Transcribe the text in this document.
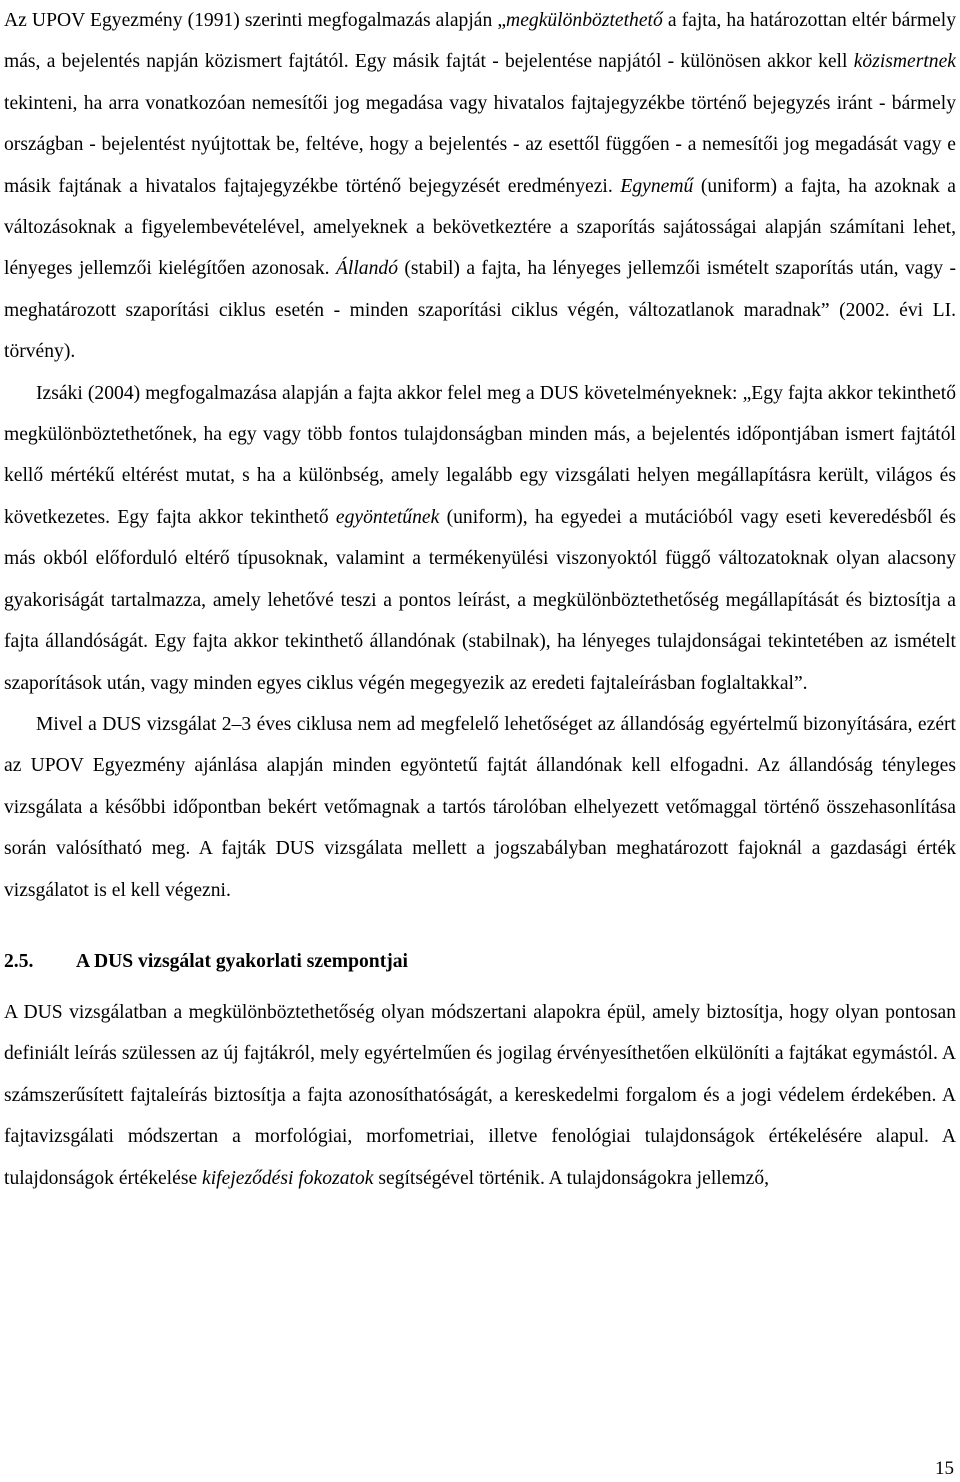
Az UPOV Egyezmény (1991) szerinti megfogalmazás alapján „megkülönböztethető a fajta, ha határozottan eltér bármely más, a bejelentés napján közismert fajtától. Egy másik fajtát - bejelentése napjától - különösen akkor kell közismertnek tekinteni, ha arra vonatkozóan nemesítői jog megadása vagy hivatalos fajtajegyzékbe történő bejegyzés iránt - bármely országban - bejelentést nyújtottak be, feltéve, hogy a bejelentés - az esettől függően - a nemesítői jog megadását vagy e másik fajtának a hivatalos fajtajegyzékbe történő bejegyzését eredményezi. Egynemű (uniform) a fajta, ha azoknak a változásoknak a figyelembevételével, amelyeknek a bekövetkeztére a szaporítás sajátosságai alapján számítani lehet, lényeges jellemzői kielégítően azonosak. Állandó (stabil) a fajta, ha lényeges jellemzői ismételt szaporítás után, vagy - meghatározott szaporítási ciklus esetén - minden szaporítási ciklus végén, változatlanok maradnak” (2002. évi LI. törvény).

Izsáki (2004) megfogalmazása alapján a fajta akkor felel meg a DUS követelményeknek: „Egy fajta akkor tekinthető megkülönböztethetőnek, ha egy vagy több fontos tulajdonságban minden más, a bejelentés időpontjában ismert fajtától kellő mértékű eltérést mutat, s ha a különbség, amely legalább egy vizsgálati helyen megállapításra került, világos és következetes. Egy fajta akkor tekinthető egyöntetűnek (uniform), ha egyedei a mutációból vagy eseti keveredésből és más okból előforduló eltérő típusoknak, valamint a termékenyülési viszonyoktól függő változatoknak olyan alacsony gyakoriságát tartalmazza, amely lehetővé teszi a pontos leírást, a megkülönböztethetőség megállapítását és biztosítja a fajta állandóságát. Egy fajta akkor tekinthető állandónak (stabilnak), ha lényeges tulajdonságai tekintetében az ismételt szaporítások után, vagy minden egyes ciklus végén megegyezik az eredeti fajtaleírásban foglaltakkal”.

Mivel a DUS vizsgálat 2–3 éves ciklusa nem ad megfelelő lehetőséget az állandóság egyértelmű bizonyítására, ezért az UPOV Egyezmény ajánlása alapján minden egyöntetű fajtát állandónak kell elfogadni. Az állandóság tényleges vizsgálata a későbbi időpontban bekért vetőmagnak a tartós tárolóban elhelyezett vetőmaggal történő összehasonlítása során valósítható meg. A fajták DUS vizsgálata mellett a jogszabályban meghatározott fajoknál a gazdasági érték vizsgálatot is el kell végezni.

2.5. A DUS vizsgálat gyakorlati szempontjai

A DUS vizsgálatban a megkülönböztethetőség olyan módszertani alapokra épül, amely biztosítja, hogy olyan pontosan definiált leírás szülessen az új fajtákról, mely egyértelműen és jogilag érvényesíthetően elkülöníti a fajtákat egymástól. A számszerűsített fajtaleírás biztosítja a fajta azonosíthatóságát, a kereskedelmi forgalom és a jogi védelem érdekében. A fajtavizsgálati módszertan a morfológiai, morfometriai, illetve fenológiai tulajdonságok értékelésére alapul. A tulajdonságok értékelése kifejeződési fokozatok segítségével történik. A tulajdonságokra jellemző,

15
